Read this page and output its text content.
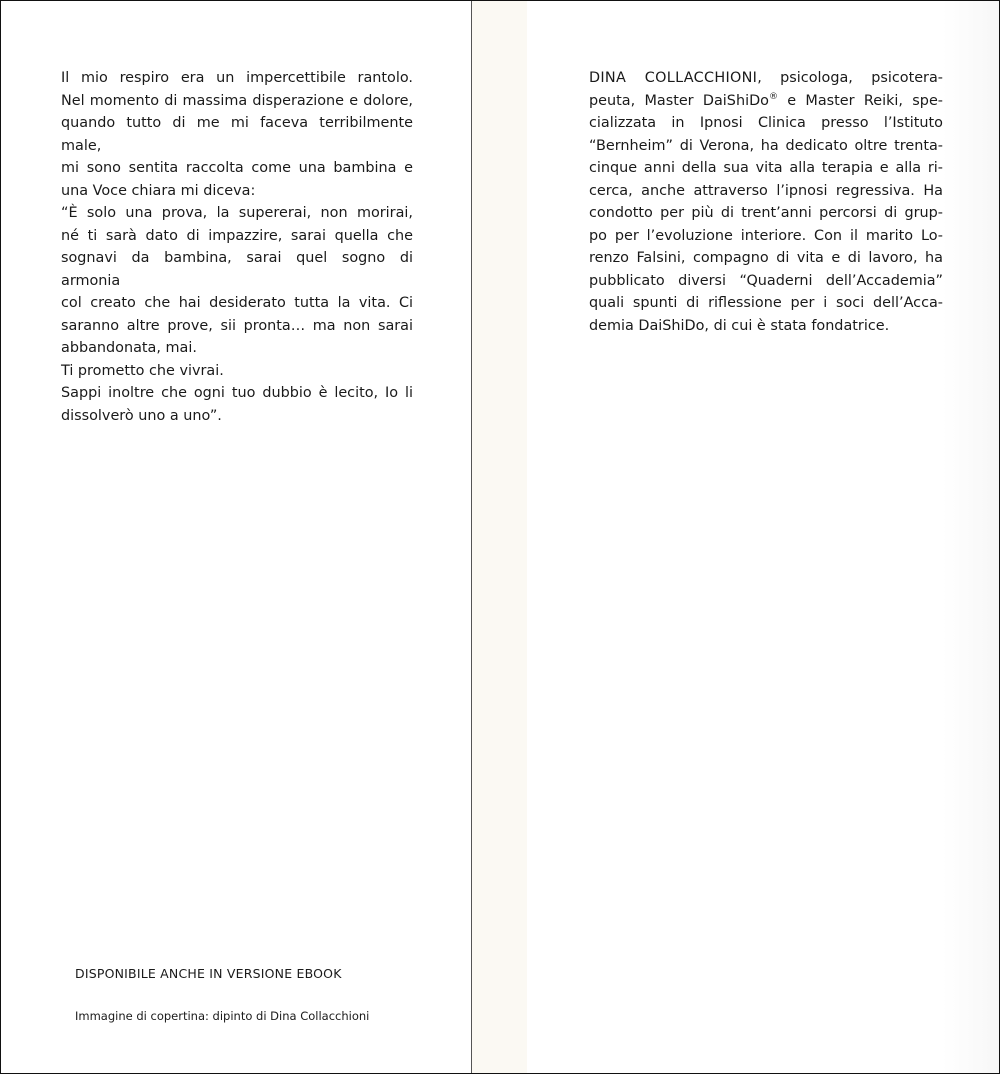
Il mio respiro era un impercettibile rantolo.
Nel momento di massima disperazione e dolore,
quando tutto di me mi faceva terribilmente male,
mi sono sentita raccolta come una bambina e
una Voce chiara mi diceva:
“È solo una prova, la supererai, non morirai,
né ti sarà dato di impazzire, sarai quella che
sognavi da bambina, sarai quel sogno di armonia
col creato che hai desiderato tutta la vita. Ci
saranno altre prove, sii pronta… ma non sarai
abbandonata, mai.
Ti prometto che vivrai.
Sappi inoltre che ogni tuo dubbio è lecito, Io li
dissolverò uno a uno”.
DISPONIBILE ANCHE IN VERSIONE EBOOK
Immagine di copertina: dipinto di Dina Collacchioni
DINA COLLACCHIONI, psicologa, psicotera-
peuta, Master DaiShiDo® e Master Reiki, spe-
cializzata in Ipnosi Clinica presso l’Istituto
“Bernheim” di Verona, ha dedicato oltre trenta-
cinque anni della sua vita alla terapia e alla ri-
cerca, anche attraverso l’ipnosi regressiva. Ha
condotto per più di trent’anni percorsi di grup-
po per l’evoluzione interiore. Con il marito Lo-
renzo Falsini, compagno di vita e di lavoro, ha
pubblicato diversi “Quaderni dell’Accademia”
quali spunti di riflessione per i soci dell’Acca-
demia DaiShiDo, di cui è stata fondatrice.
